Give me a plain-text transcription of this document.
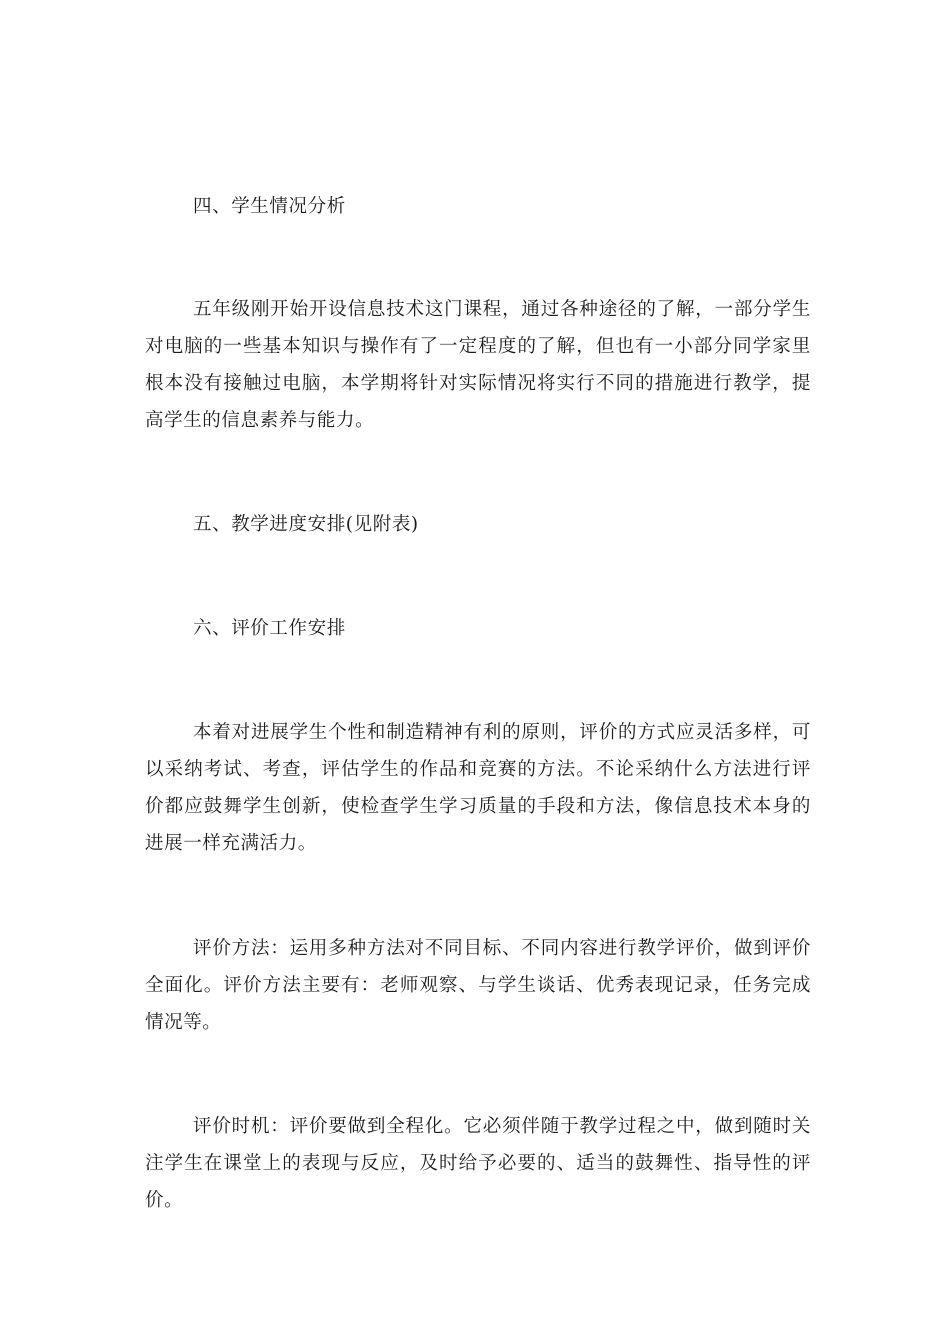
四、学生情况分析

五年级刚开始开设信息技术这门课程，通过各种途径的了解，一部分学生对电脑的一些基本知识与操作有了一定程度的了解，但也有一小部分同学家里根本没有接触过电脑，本学期将针对实际情况将实行不同的措施进行教学，提高学生的信息素养与能力。

五、教学进度安排(见附表)

六、评价工作安排

本着对进展学生个性和制造精神有利的原则，评价的方式应灵活多样，可以采纳考试、考查，评估学生的作品和竞赛的方法。不论采纳什么方法进行评价都应鼓舞学生创新，使检查学生学习质量的手段和方法，像信息技术本身的进展一样充满活力。

评价方法：运用多种方法对不同目标、不同内容进行教学评价，做到评价全面化。评价方法主要有：老师观察、与学生谈话、优秀表现记录，任务完成情况等。

评价时机：评价要做到全程化。它必须伴随于教学过程之中，做到随时关注学生在课堂上的表现与反应，及时给予必要的、适当的鼓舞性、指导性的评价。
